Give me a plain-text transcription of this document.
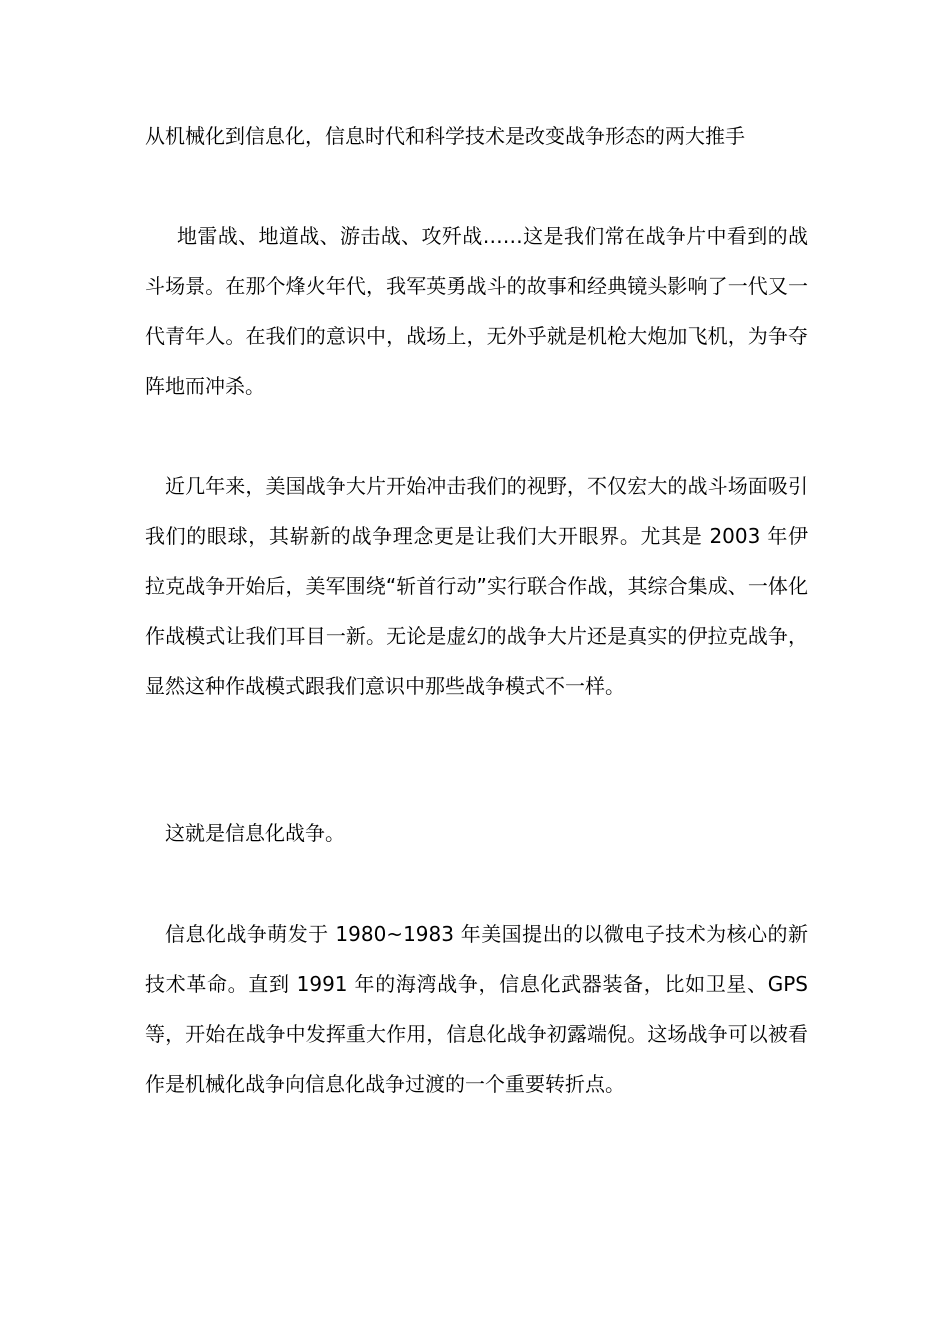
从机械化到信息化，信息时代和科学技术是改变战争形态的两大推手

地雷战、地道战、游击战、攻歼战……这是我们常在战争片中看到的战斗场景。在那个烽火年代，我军英勇战斗的故事和经典镜头影响了一代又一代青年人。在我们的意识中，战场上，无外乎就是机枪大炮加飞机，为争夺阵地而冲杀。

近几年来，美国战争大片开始冲击我们的视野，不仅宏大的战斗场面吸引我们的眼球，其崭新的战争理念更是让我们大开眼界。尤其是 2003 年伊拉克战争开始后，美军围绕“斩首行动”实行联合作战，其综合集成、一体化作战模式让我们耳目一新。无论是虚幻的战争大片还是真实的伊拉克战争，显然这种作战模式跟我们意识中那些战争模式不一样。

这就是信息化战争。

信息化战争萌发于 1980~1983 年美国提出的以微电子技术为核心的新技术革命。直到 1991 年的海湾战争，信息化武器装备，比如卫星、GPS 等，开始在战争中发挥重大作用，信息化战争初露端倪。这场战争可以被看作是机械化战争向信息化战争过渡的一个重要转折点。
